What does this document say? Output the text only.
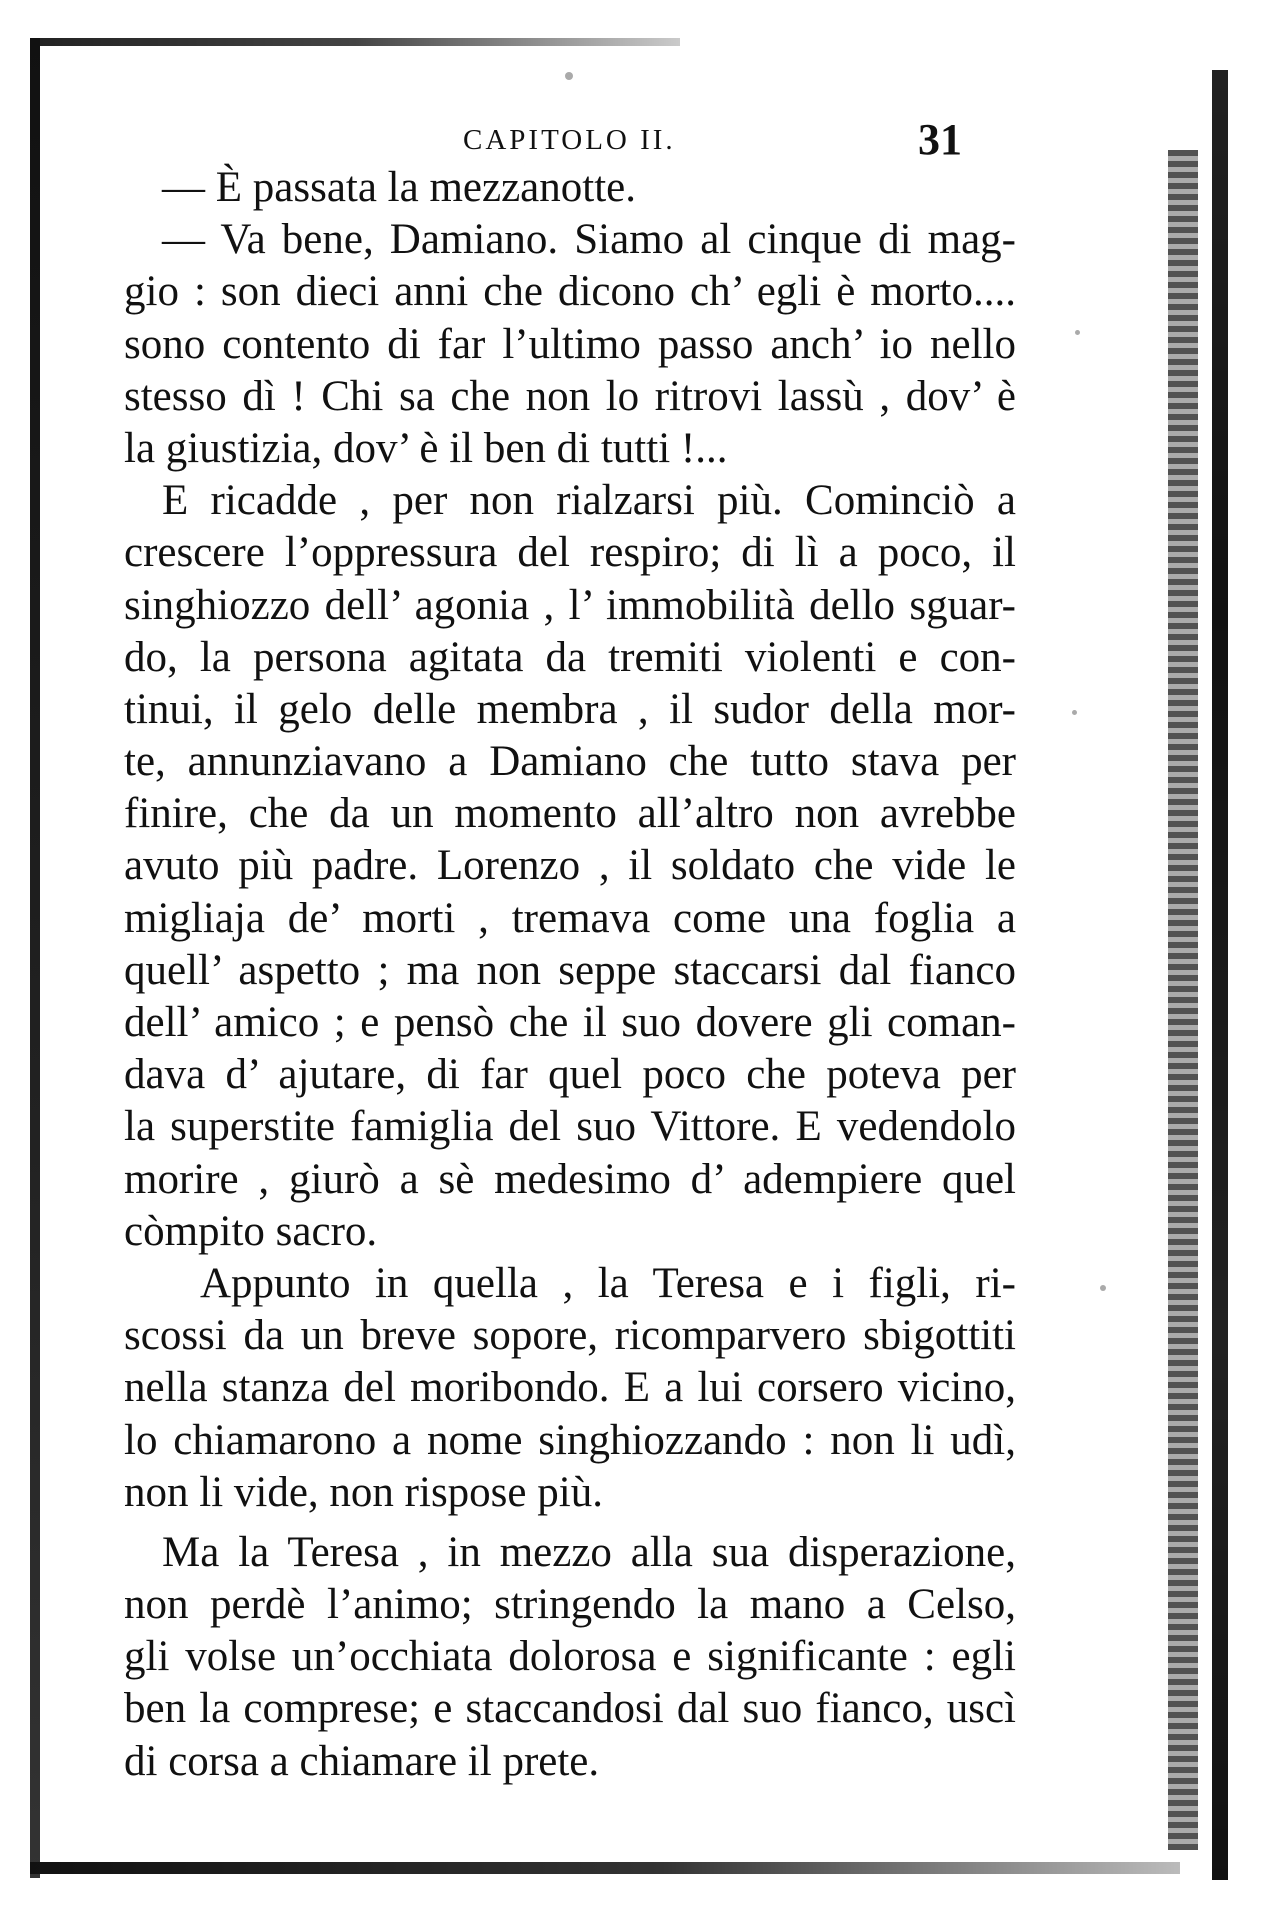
CAPITOLO II.	31
— È passata la mezzanotte.
— Va bene, Damiano. Siamo al cinque di mag-
gio : son dieci anni che dicono ch’ egli è morto....
sono contento di far l’ultimo passo anch’ io nello
stesso dì ! Chi sa che non lo ritrovi lassù , dov’ è
la giustizia, dov’ è il ben di tutti !...
E ricadde , per non rialzarsi più. Cominciò a
crescere l’oppressura del respiro; di lì a poco, il
singhiozzo dell’ agonia , l’ immobilità dello sguar-
do, la persona agitata da tremiti violenti e con-
tinui, il gelo delle membra , il sudor della mor-
te, annunziavano a Damiano che tutto stava per
finire, che da un momento all’altro non avrebbe
avuto più padre. Lorenzo , il soldato che vide le
migliaja de’ morti , tremava come una foglia a
quell’ aspetto ; ma non seppe staccarsi dal fianco
dell’ amico ; e pensò che il suo dovere gli coman-
dava d’ ajutare, di far quel poco che poteva per
la superstite famiglia del suo Vittore. E vedendolo
morire , giurò a sè medesimo d’ adempiere quel
còmpito sacro.
Appunto in quella , la Teresa e i figli, ri-
scossi da un breve sopore, ricomparvero sbigottiti
nella stanza del moribondo. E a lui corsero vicino,
lo chiamarono a nome singhiozzando : non li udì,
non li vide, non rispose più.
Ma la Teresa , in mezzo alla sua disperazione,
non perdè l’animo; stringendo la mano a Celso,
gli volse un’occhiata dolorosa e significante : egli
ben la comprese; e staccandosi dal suo fianco, uscì
di corsa a chiamare il prete.
